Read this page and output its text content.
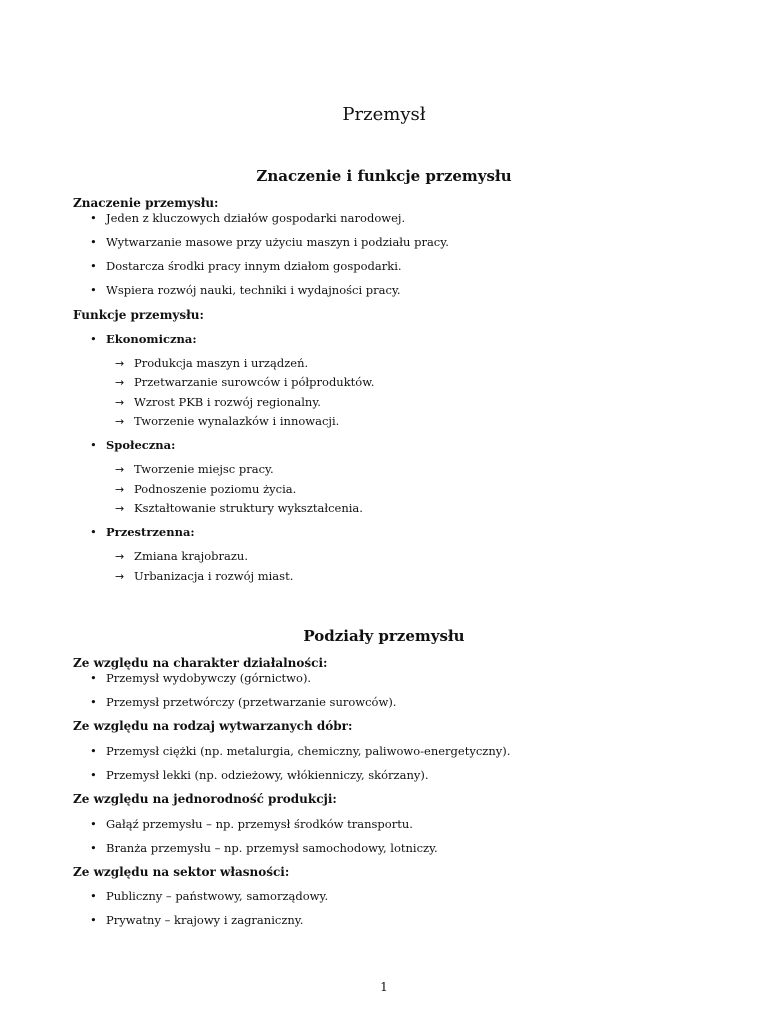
Przemysł
Znaczenie i funkcje przemysłu

Znaczenie przemysłu:

• Jeden z kluczowych działów gospodarki narodowej.

• Wytwarzanie masowe przy użyciu maszyn i podziału pracy.

• Dostarcza środki pracy innym działom gospodarki.

• Wspiera rozwój nauki, techniki i wydajności pracy.

Funkcje przemysłu:

• Ekonomiczna:

→ Produkcja maszyn i urządzeń.

→ Przetwarzanie surowców i półproduktów.

→ Wzrost PKB i rozwój regionalny.

→ Tworzenie wynalazków i innowacji.

• Społeczna:

→ Tworzenie miejsc pracy.

→ Podnoszenie poziomu życia.

→ Kształtowanie struktury wykształcenia.

• Przestrzenna:

→ Zmiana krajobrazu.

→ Urbanizacja i rozwój miast.

Podziały przemysłu

Ze względu na charakter działalności:

• Przemysł wydobywczy (górnictwo).

• Przemysł przetwórczy (przetwarzanie surowców).

Ze względu na rodzaj wytwarzanych dóbr:

• Przemysł ciężki (np. metalurgia, chemiczny, paliwowo-energetyczny).

• Przemysł lekki (np. odzieżowy, włókienniczy, skórzany).

Ze względu na jednorodność produkcji:

• Gałąź przemysłu – np. przemysł środków transportu.

• Branża przemysłu – np. przemysł samochodowy, lotniczy.

Ze względu na sektor własności:

• Publiczny – państwowy, samorządowy.

• Prywatny – krajowy i zagraniczny.

1
